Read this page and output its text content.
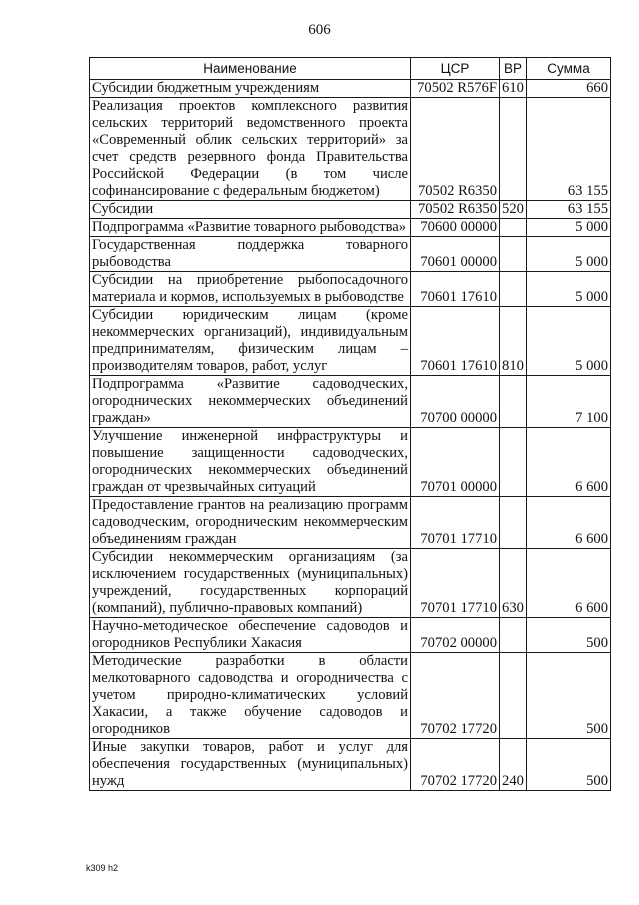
606
Наименование	ЦСР	ВР	Сумма
Субсидии бюджетным учреждениям	70502 R576F	610	660
Реализация проектов комплексного развития сельских территорий ведомственного проекта «Современный облик сельских территорий» за счет средств резервного фонда Правительства Российской Федерации (в том числе софинансирование с федеральным бюджетом)	70502 R6350		63 155
Субсидии	70502 R6350	520	63 155
Подпрограмма «Развитие товарного рыбоводства»	70600 00000		5 000
Государственная поддержка товарного рыбоводства	70601 00000		5 000
Субсидии на приобретение рыбопосадочного материала и кормов, используемых в рыбоводстве	70601 17610		5 000
Субсидии юридическим лицам (кроме некоммерческих организаций), индивидуальным предпринимателям, физическим лицам – производителям товаров, работ, услуг	70601 17610	810	5 000
Подпрограмма «Развитие садоводческих, огороднических некоммерческих объединений граждан»	70700 00000		7 100
Улучшение инженерной инфраструктуры и повышение защищенности садоводческих, огороднических некоммерческих объединений граждан от чрезвычайных ситуаций	70701 00000		6 600
Предоставление грантов на реализацию программ садоводческим, огородническим некоммерческим объединениям граждан	70701 17710		6 600
Субсидии некоммерческим организациям (за исключением государственных (муниципальных) учреждений, государственных корпораций (компаний), публично-правовых компаний)	70701 17710	630	6 600
Научно-методическое обеспечение садоводов и огородников Республики Хакасия	70702 00000		500
Методические разработки в области мелкотоварного садоводства и огородничества с учетом природно-климатических условий Хакасии, а также обучение садоводов и огородников	70702 17720		500
Иные закупки товаров, работ и услуг для обеспечения государственных (муниципальных) нужд	70702 17720	240	500
k309 h2
